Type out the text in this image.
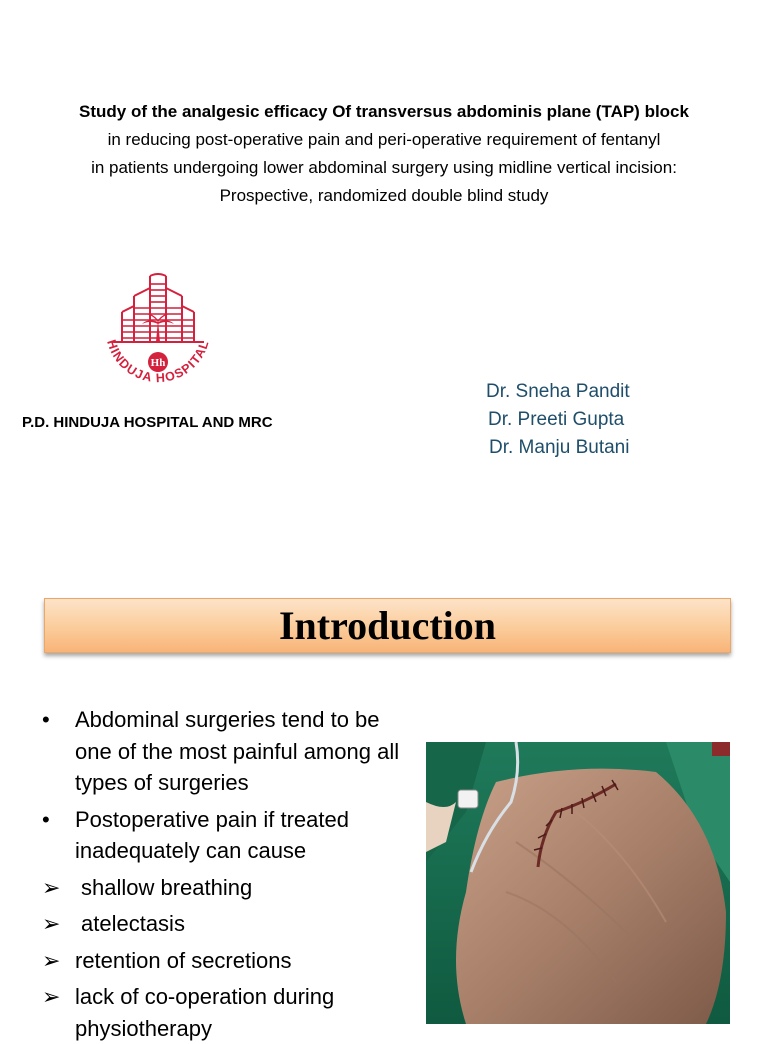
Study of the analgesic efficacy Of transversus abdominis plane (TAP) block
in reducing post-operative pain and peri-operative requirement of fentanyl
in patients undergoing lower abdominal surgery using midline vertical incision:
Prospective, randomized double blind study
Hh
HINDUJA HOSPITAL
P.D. HINDUJA HOSPITAL AND MRC
Dr. Sneha Pandit
Dr. Preeti Gupta
Dr. Manju Butani
Introduction
•	Abdominal surgeries tend to be one of the most painful among all types of surgeries
•	Postoperative pain if treated inadequately can cause
➢ shallow breathing
➢ atelectasis
➢ retention of secretions
➢ lack of co-operation during physiotherapy
